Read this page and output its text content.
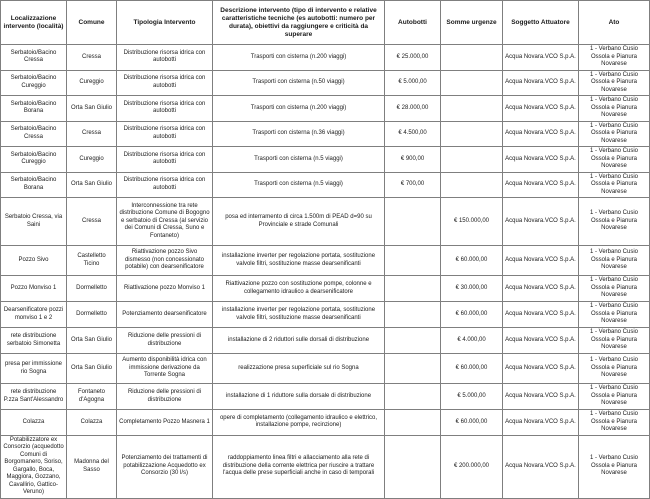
Localizzazione intervento (località)	Comune	Tipologia Intervento	Descrizione intervento (tipo di intervento e relative caratteristiche tecniche (es autobotti: numero per durata), obiettivi da raggiungere e criticità da superare	Autobotti	Somme urgenze	Soggetto Attuatore	Ato
Serbatoio/Bacino Cressa	Cressa	Distribuzione risorsa idrica con autobotti	Trasporti con cisterna (n.200 viaggi)	€ 25.000,00		Acqua Novara.VCO S.p.A.	1 - Verbano Cusio Ossola e Pianura Novarese
Serbatoio/Bacino Cureggio	Cureggio	Distribuzione risorsa idrica con autobotti	Trasporti con cisterna (n.50 viaggi)	€ 5.000,00		Acqua Novara.VCO S.p.A.	1 - Verbano Cusio Ossola e Pianura Novarese
Serbatoio/Bacino Borana	Orta San Giulio	Distribuzione risorsa idrica con autobotti	Trasporti con cisterna (n.200 viaggi)	€ 28.000,00		Acqua Novara.VCO S.p.A.	1 - Verbano Cusio Ossola e Pianura Novarese
Serbatoio/Bacino Cressa	Cressa	Distribuzione risorsa idrica con autobotti	Trasporti con cisterna (n.36 viaggi)	€ 4.500,00		Acqua Novara.VCO S.p.A.	1 - Verbano Cusio Ossola e Pianura Novarese
Serbatoio/Bacino Cureggio	Cureggio	Distribuzione risorsa idrica con autobotti	Trasporti con cisterna (n.5 viaggi)	€ 900,00		Acqua Novara.VCO S.p.A.	1 - Verbano Cusio Ossola e Pianura Novarese
Serbatoio/Bacino Borana	Orta San Giulio	Distribuzione risorsa idrica con autobotti	Trasporti con cisterna (n.5 viaggi)	€ 700,00		Acqua Novara.VCO S.p.A.	1 - Verbano Cusio Ossola e Pianura Novarese
Serbatoio Cressa, via Saini	Cressa	Interconnessione tra rete distribuzione Comune di Bogogno e serbatoio di Cressa (al servizio dei Comuni di Cressa, Suno e Fontaneto)	posa ed interramento di circa 1.500m di PEAD d=90 su Provinciale e strade Comunali		€ 150.000,00	Acqua Novara.VCO S.p.A.	1 - Verbano Cusio Ossola e Pianura Novarese
Pozzo Sivo	Castelletto Ticino	Riattivazione pozzo Sivo dismesso (non concessionato potabile) con dearsenificatore	installazione inverter per regolazione portata, sostituzione valvole filtri, sostituzione masse dearsenificanti		€ 60.000,00	Acqua Novara.VCO S.p.A.	1 - Verbano Cusio Ossola e Pianura Novarese
Pozzo Monviso 1	Dormelletto	Riattivazione pozzo Monviso 1	Riattivazione pozzo con sostituzione pompe, colonne e collegamento idraulico a dearsenificatore		€ 30.000,00	Acqua Novara.VCO S.p.A.	1 - Verbano Cusio Ossola e Pianura Novarese
Dearsenificatore pozzi monviso 1 e 2	Dormelletto	Potenziamento dearsenificatore	installazione inverter per regolazione portata, sostituzione valvole filtri, sostituzione masse dearsenificanti		€ 60.000,00	Acqua Novara.VCO S.p.A.	1 - Verbano Cusio Ossola e Pianura Novarese
rete distribuzione serbatoio Simonetta	Orta San Giulio	Riduzione delle pressioni di distribuzione	installazione di 2 riduttori sulle dorsali di distribuzione		€ 4.000,00	Acqua Novara.VCO S.p.A.	1 - Verbano Cusio Ossola e Pianura Novarese
presa per immissione rio Sogna	Orta San Giulio	Aumento disponibilità idrica con immissione derivazione da Torrente Sogna	realizzazione presa superficiale sul rio Sogna		€ 60.000,00	Acqua Novara.VCO S.p.A.	1 - Verbano Cusio Ossola e Pianura Novarese
rete distribuzione P.zza Sant'Alessandro	Fontaneto d'Agogna	Riduzione delle pressioni di distribuzione	installazione di 1 riduttore sulla dorsale di distribuzione		€ 5.000,00	Acqua Novara.VCO S.p.A.	1 - Verbano Cusio Ossola e Pianura Novarese
Colazza	Colazza	Completamento Pozzo Masnera 1	opere di completamento (collegamento idraulico e elettrico, installazione pompe, recinzione)		€ 60.000,00	Acqua Novara.VCO S.p.A.	1 - Verbano Cusio Ossola e Pianura Novarese
Potabilizzatore ex Consorzio (acquedotto Comuni di Borgomanero, Soriso, Gargallo, Boca, Maggiora, Gozzano, Cavallirio, Gattico-Veruno)	Madonna del Sasso	Potenziamento dei trattamenti di potabilizzazione Acquedotto ex Consorzio (30 l/s)	raddoppiamento linea filtri e allacciamento alla rete di distribuzione della corrente elettrica per riuscire a trattare l'acqua delle prese superficiali anche in caso di temporali		€ 200.000,00	Acqua Novara.VCO S.p.A.	1 - Verbano Cusio Ossola e Pianura Novarese
